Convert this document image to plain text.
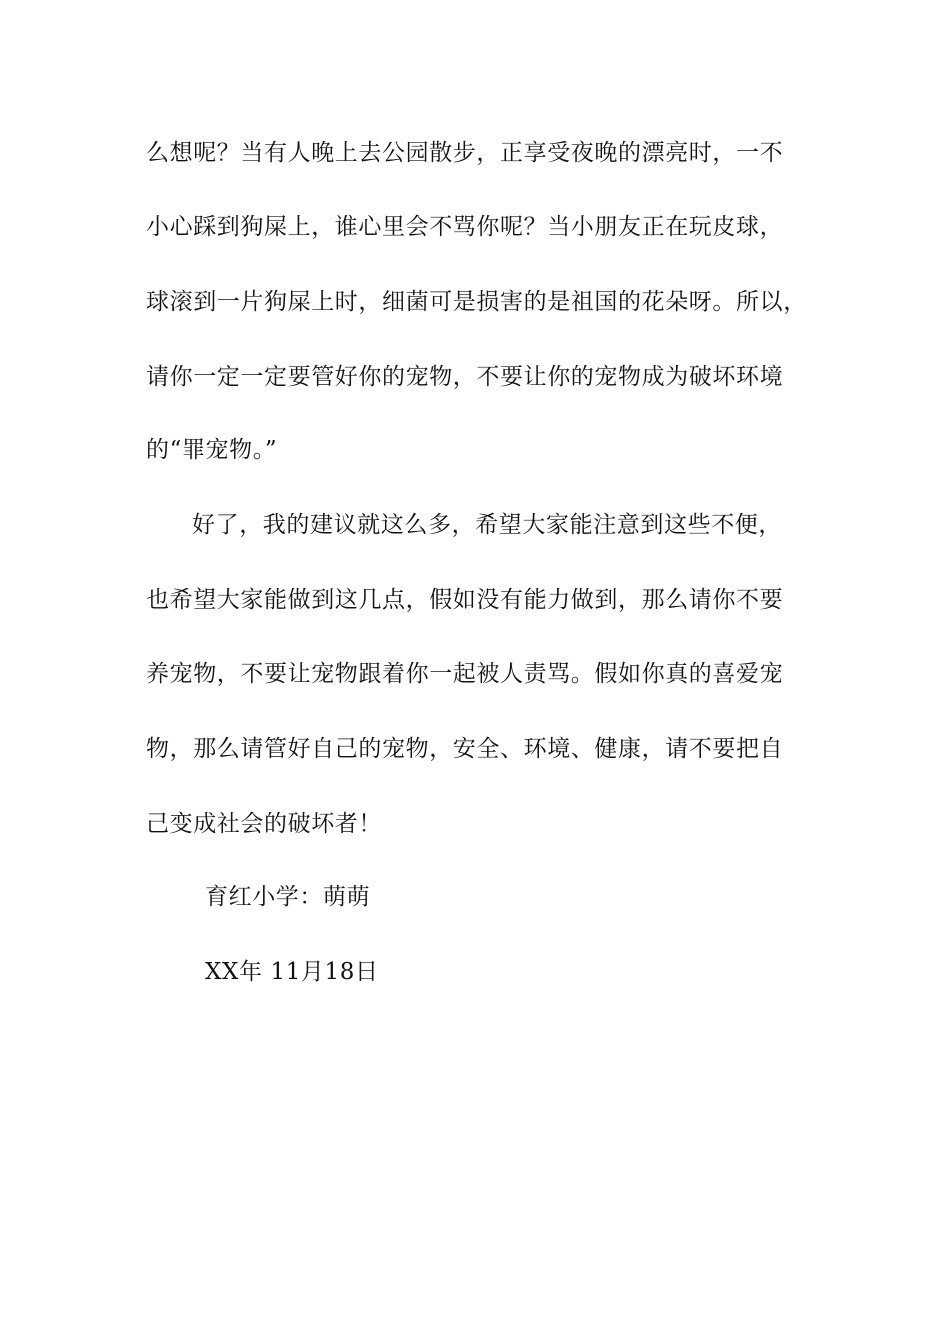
么想呢？当有人晚上去公园散步，正享受夜晚的漂亮时，一不
小心踩到狗屎上，谁心里会不骂你呢？当小朋友正在玩皮球，
球滚到一片狗屎上时，细菌可是损害的是祖国的花朵呀。所以，
请你一定一定要管好你的宠物，不要让你的宠物成为破坏环境
的“罪宠物。”
好了，我的建议就这么多，希望大家能注意到这些不便，
也希望大家能做到这几点，假如没有能力做到，那么请你不要
养宠物，不要让宠物跟着你一起被人责骂。假如你真的喜爱宠
物，那么请管好自己的宠物，安全、环境、健康，请不要把自
己变成社会的破坏者！
育红小学：萌萌
XX年 11月18日
